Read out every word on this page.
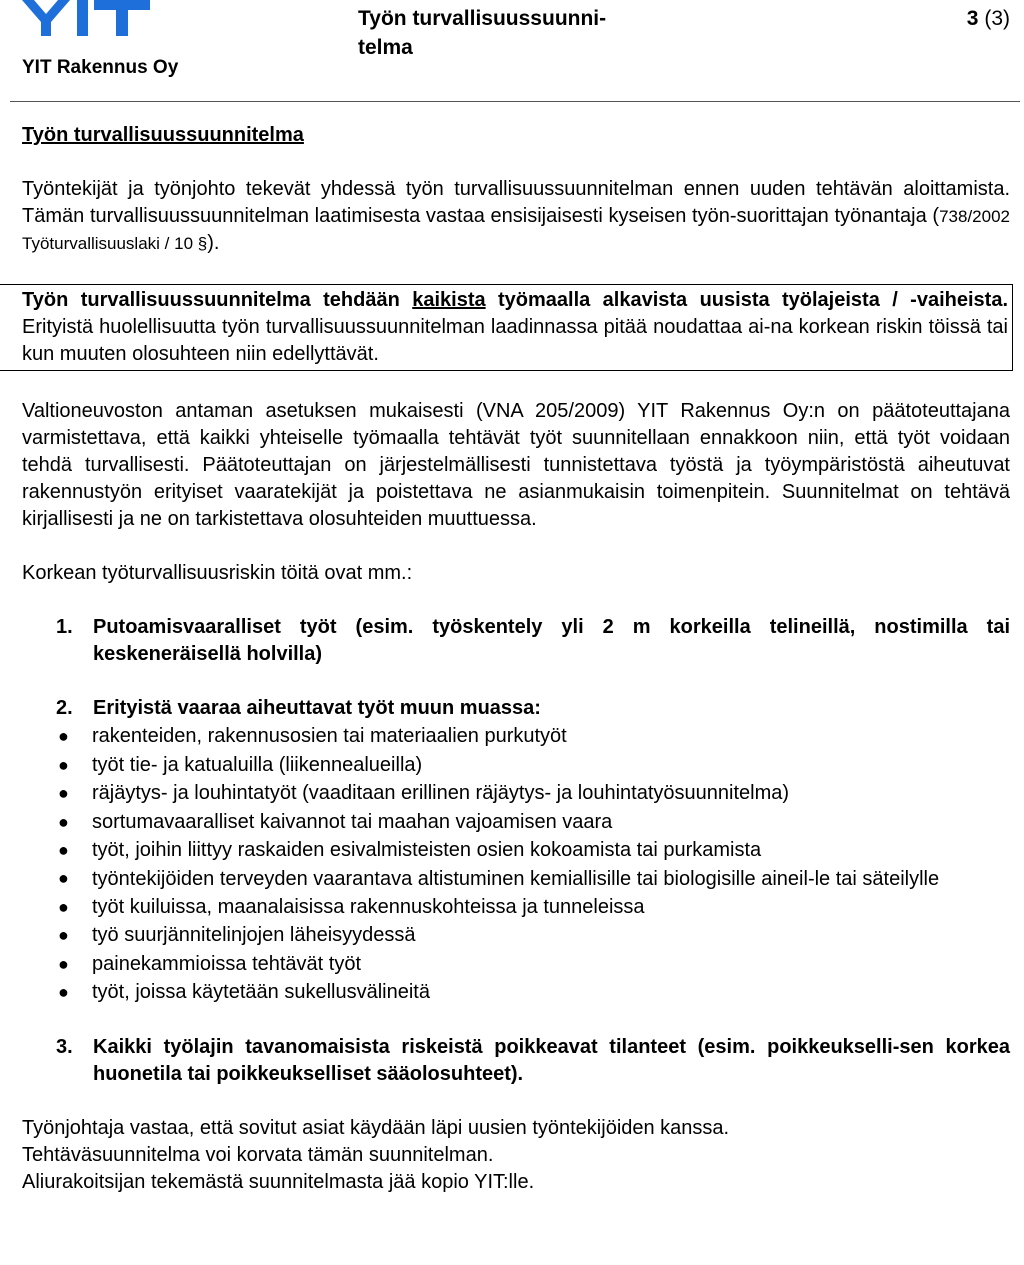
YIT Rakennus Oy
Työn turvallisuussuunni-telma
3 (3)
Työn turvallisuussuunnitelma

Työntekijät ja työnjohto tekevät yhdessä työn turvallisuussuunnitelman ennen uuden tehtävän aloittamista. Tämän turvallisuussuunnitelman laatimisesta vastaa ensisijaisesti kyseisen työn-suorittajan työnantaja (738/2002 Työturvallisuuslaki / 10 §).

Työn turvallisuussuunnitelma tehdään kaikista työmaalla alkavista uusista työlajeista / -vaiheista. Erityistä huolellisuutta työn turvallisuussuunnitelman laadinnassa pitää noudattaa ai-na korkean riskin töissä tai kun muuten olosuhteen niin edellyttävät.

Valtioneuvoston antaman asetuksen mukaisesti (VNA 205/2009) YIT Rakennus Oy:n on päätoteuttajana varmistettava, että kaikki yhteiselle työmaalla tehtävät työt suunnitellaan ennakkoon niin, että työt voidaan tehdä turvallisesti. Päätoteuttajan on järjestelmällisesti tunnistettava työstä ja työympäristöstä aiheutuvat rakennustyön erityiset vaaratekijät ja poistettava ne asianmukaisin toimenpitein. Suunnitelmat on tehtävä kirjallisesti ja ne on tarkistettava olosuhteiden muuttuessa.

Korkean työturvallisuusriskin töitä ovat mm.:

1. Putoamisvaaralliset työt (esim. työskentely yli 2 m korkeilla telineillä, nostimilla tai keskeneräisellä holvilla)
2. Erityistä vaaraa aiheuttavat työt muun muassa:
● rakenteiden, rakennusosien tai materiaalien purkutyöt
● työt tie- ja katualuilla (liikennealueilla)
● räjäytys- ja louhintatyöt (vaaditaan erillinen räjäytys- ja louhintatyösuunnitelma)
● sortumavaaralliset kaivannot tai maahan vajoamisen vaara
● työt, joihin liittyy raskaiden esivalmisteisten osien kokoamista tai purkamista
● työntekijöiden terveyden vaarantava altistuminen kemiallisille tai biologisille aineil-le tai säteilylle
● työt kuiluissa, maanalaisissa rakennuskohteissa ja tunneleissa
● työ suurjännitelinjojen läheisyydessä
● painekammioissa tehtävät työt
● työt, joissa käytetään sukellusvälineitä
3. Kaikki työlajin tavanomaisista riskeistä poikkeavat tilanteet (esim. poikkeukselli-sen korkea huonetila tai poikkeukselliset sääolosuhteet).

Työnjohtaja vastaa, että sovitut asiat käydään läpi uusien työntekijöiden kanssa.

Tehtäväsuunnitelma voi korvata tämän suunnitelman.

Aliurakoitsijan tekemästä suunnitelmasta jää kopio YIT:lle.
